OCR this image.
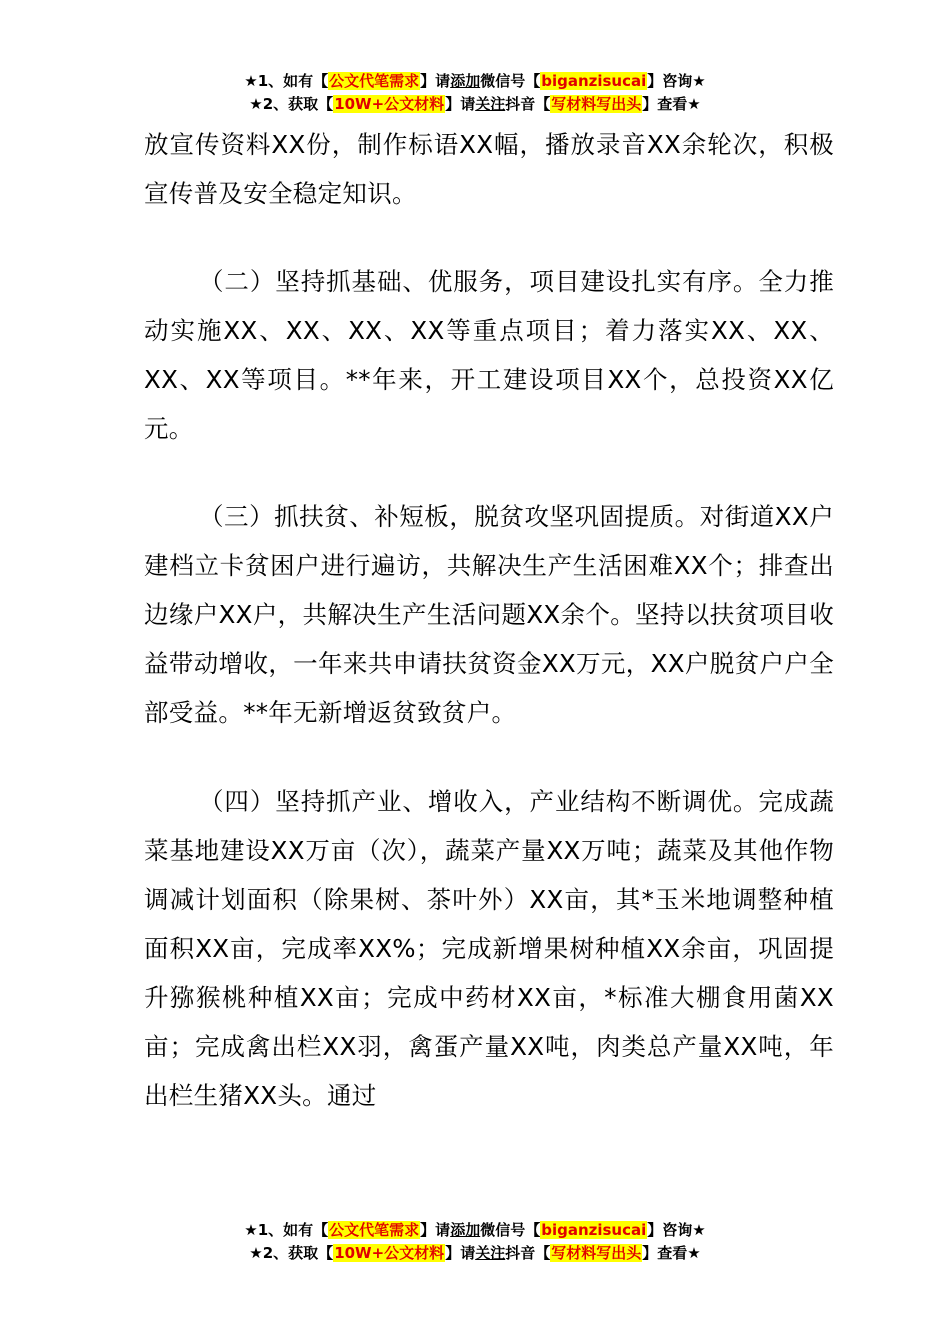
★1、如有【公文代笔需求】请添加微信号【biganzisucai】咨询★
★2、获取【10W+公文材料】请关注抖音【写材料写出头】查看★
放宣传资料XX份，制作标语XX幅，播放录音XX余轮次，积极宣传普及安全稳定知识。
（二）坚持抓基础、优服务，项目建设扎实有序。全力推动实施XX、XX、XX、XX等重点项目；着力落实XX、XX、XX、XX等项目。**年来，开工建设项目XX个，总投资XX亿元。
（三）抓扶贫、补短板，脱贫攻坚巩固提质。对街道XX户建档立卡贫困户进行遍访，共解决生产生活困难XX个；排查出边缘户XX户，共解决生产生活问题XX余个。坚持以扶贫项目收益带动增收，一年来共申请扶贫资金XX万元，XX户脱贫户户全部受益。**年无新增返贫致贫户。
（四）坚持抓产业、增收入，产业结构不断调优。完成蔬菜基地建设XX万亩（次），蔬菜产量XX万吨；蔬菜及其他作物调减计划面积（除果树、茶叶外）XX亩，其*玉米地调整种植面积XX亩，完成率XX%；完成新增果树种植XX余亩，巩固提升猕猴桃种植XX亩；完成中药材XX亩，*标准大棚食用菌XX亩；完成禽出栏XX羽，禽蛋产量XX吨，肉类总产量XX吨，年出栏生猪XX头。通过
★1、如有【公文代笔需求】请添加微信号【biganzisucai】咨询★
★2、获取【10W+公文材料】请关注抖音【写材料写出头】查看★
